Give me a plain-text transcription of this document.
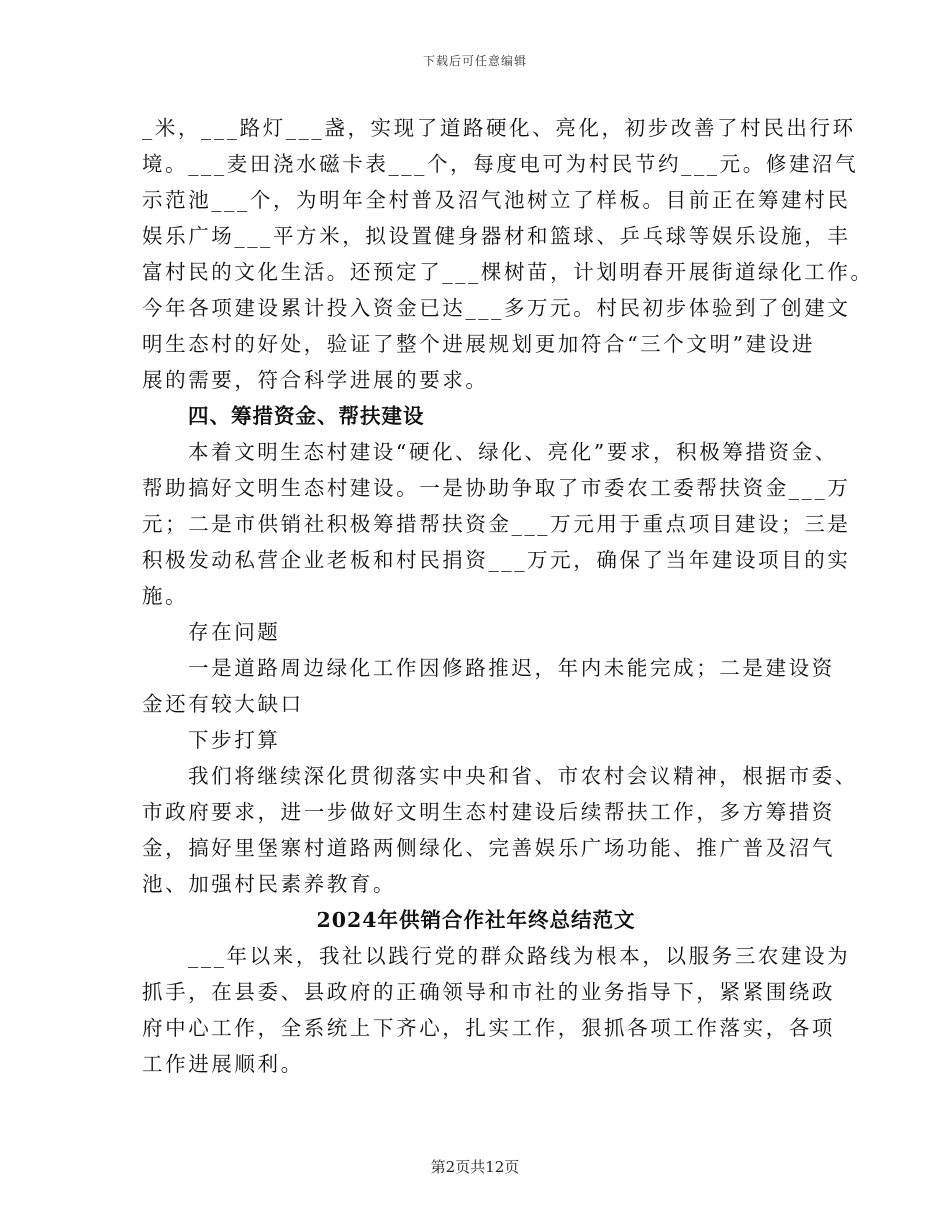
下载后可任意编辑
_米，___路灯___盏，实现了道路硬化、亮化，初步改善了村民出行环
境。___麦田浇水磁卡表___个，每度电可为村民节约___元。修建沼气
示范池___个，为明年全村普及沼气池树立了样板。目前正在筹建村民
娱乐广场___平方米，拟设置健身器材和篮球、乒乓球等娱乐设施，丰
富村民的文化生活。还预定了___棵树苗，计划明春开展街道绿化工作。
今年各项建设累计投入资金已达___多万元。村民初步体验到了创建文
明生态村的好处，验证了整个进展规划更加符合“三个文明”建设进
展的需要，符合科学进展的要求。
四、筹措资金、帮扶建设
本着文明生态村建设“硬化、绿化、亮化”要求，积极筹措资金、
帮助搞好文明生态村建设。一是协助争取了市委农工委帮扶资金___万
元；二是市供销社积极筹措帮扶资金___万元用于重点项目建设；三是
积极发动私营企业老板和村民捐资___万元，确保了当年建设项目的实
施。
存在问题
一是道路周边绿化工作因修路推迟，年内未能完成；二是建设资
金还有较大缺口
下步打算
我们将继续深化贯彻落实中央和省、市农村会议精神，根据市委、
市政府要求，进一步做好文明生态村建设后续帮扶工作，多方筹措资
金，搞好里堡寨村道路两侧绿化、完善娱乐广场功能、推广普及沼气
池、加强村民素养教育。
2024年供销合作社年终总结范文
___年以来，我社以践行党的群众路线为根本，以服务三农建设为
抓手，在县委、县政府的正确领导和市社的业务指导下，紧紧围绕政
府中心工作，全系统上下齐心，扎实工作，狠抓各项工作落实，各项
工作进展顺利。
第2页共12页
